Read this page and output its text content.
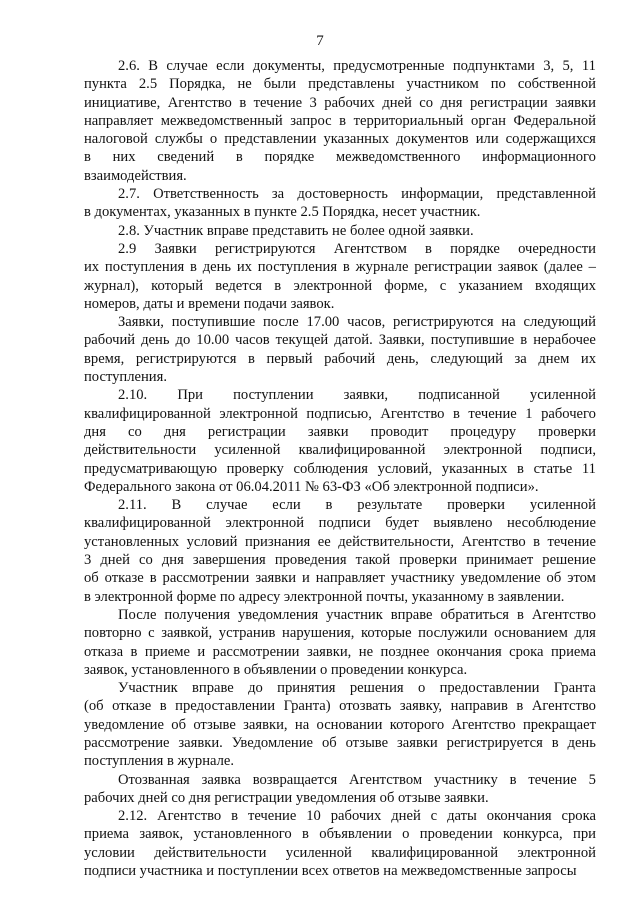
7
2.6. В случае если документы, предусмотренные подпунктами 3, 5, 11
пункта 2.5 Порядка, не были представлены участником по собственной
инициативе, Агентство в течение 3 рабочих дней со дня регистрации заявки
направляет межведомственный запрос в территориальный орган Федеральной
налоговой службы о представлении указанных документов или содержащихся
в них сведений в порядке межведомственного информационного
взаимодействия.
2.7. Ответственность за достоверность информации, представленной
в документах, указанных в пункте 2.5 Порядка, несет участник.
2.8. Участник вправе представить не более одной заявки.
2.9 Заявки регистрируются Агентством в порядке очередности
их поступления в день их поступления в журнале регистрации заявок (далее –
журнал), который ведется в электронной форме, с указанием входящих
номеров, даты и времени подачи заявок.
Заявки, поступившие после 17.00 часов, регистрируются на следующий
рабочий день до 10.00 часов текущей датой. Заявки, поступившие в нерабочее
время, регистрируются в первый рабочий день, следующий за днем их
поступления.
2.10. При поступлении заявки, подписанной усиленной
квалифицированной электронной подписью, Агентство в течение 1 рабочего
дня со дня регистрации заявки проводит процедуру проверки
действительности усиленной квалифицированной электронной подписи,
предусматривающую проверку соблюдения условий, указанных в статье 11
Федерального закона от 06.04.2011 № 63-ФЗ «Об электронной подписи».
2.11. В случае если в результате проверки усиленной
квалифицированной электронной подписи будет выявлено несоблюдение
установленных условий признания ее действительности, Агентство в течение
3 дней со дня завершения проведения такой проверки принимает решение
об отказе в рассмотрении заявки и направляет участнику уведомление об этом
в электронной форме по адресу электронной почты, указанному в заявлении.
После получения уведомления участник вправе обратиться в Агентство
повторно с заявкой, устранив нарушения, которые послужили основанием для
отказа в приеме и рассмотрении заявки, не позднее окончания срока приема
заявок, установленного в объявлении о проведении конкурса.
Участник вправе до принятия решения о предоставлении Гранта
(об отказе в предоставлении Гранта) отозвать заявку, направив в Агентство
уведомление об отзыве заявки, на основании которого Агентство прекращает
рассмотрение заявки. Уведомление об отзыве заявки регистрируется в день
поступления в журнале.
Отозванная заявка возвращается Агентством участнику в течение 5
рабочих дней со дня регистрации уведомления об отзыве заявки.
2.12. Агентство в течение 10 рабочих дней с даты окончания срока
приема заявок, установленного в объявлении о проведении конкурса, при
условии действительности усиленной квалифицированной электронной
подписи участника и поступлении всех ответов на межведомственные запросы
